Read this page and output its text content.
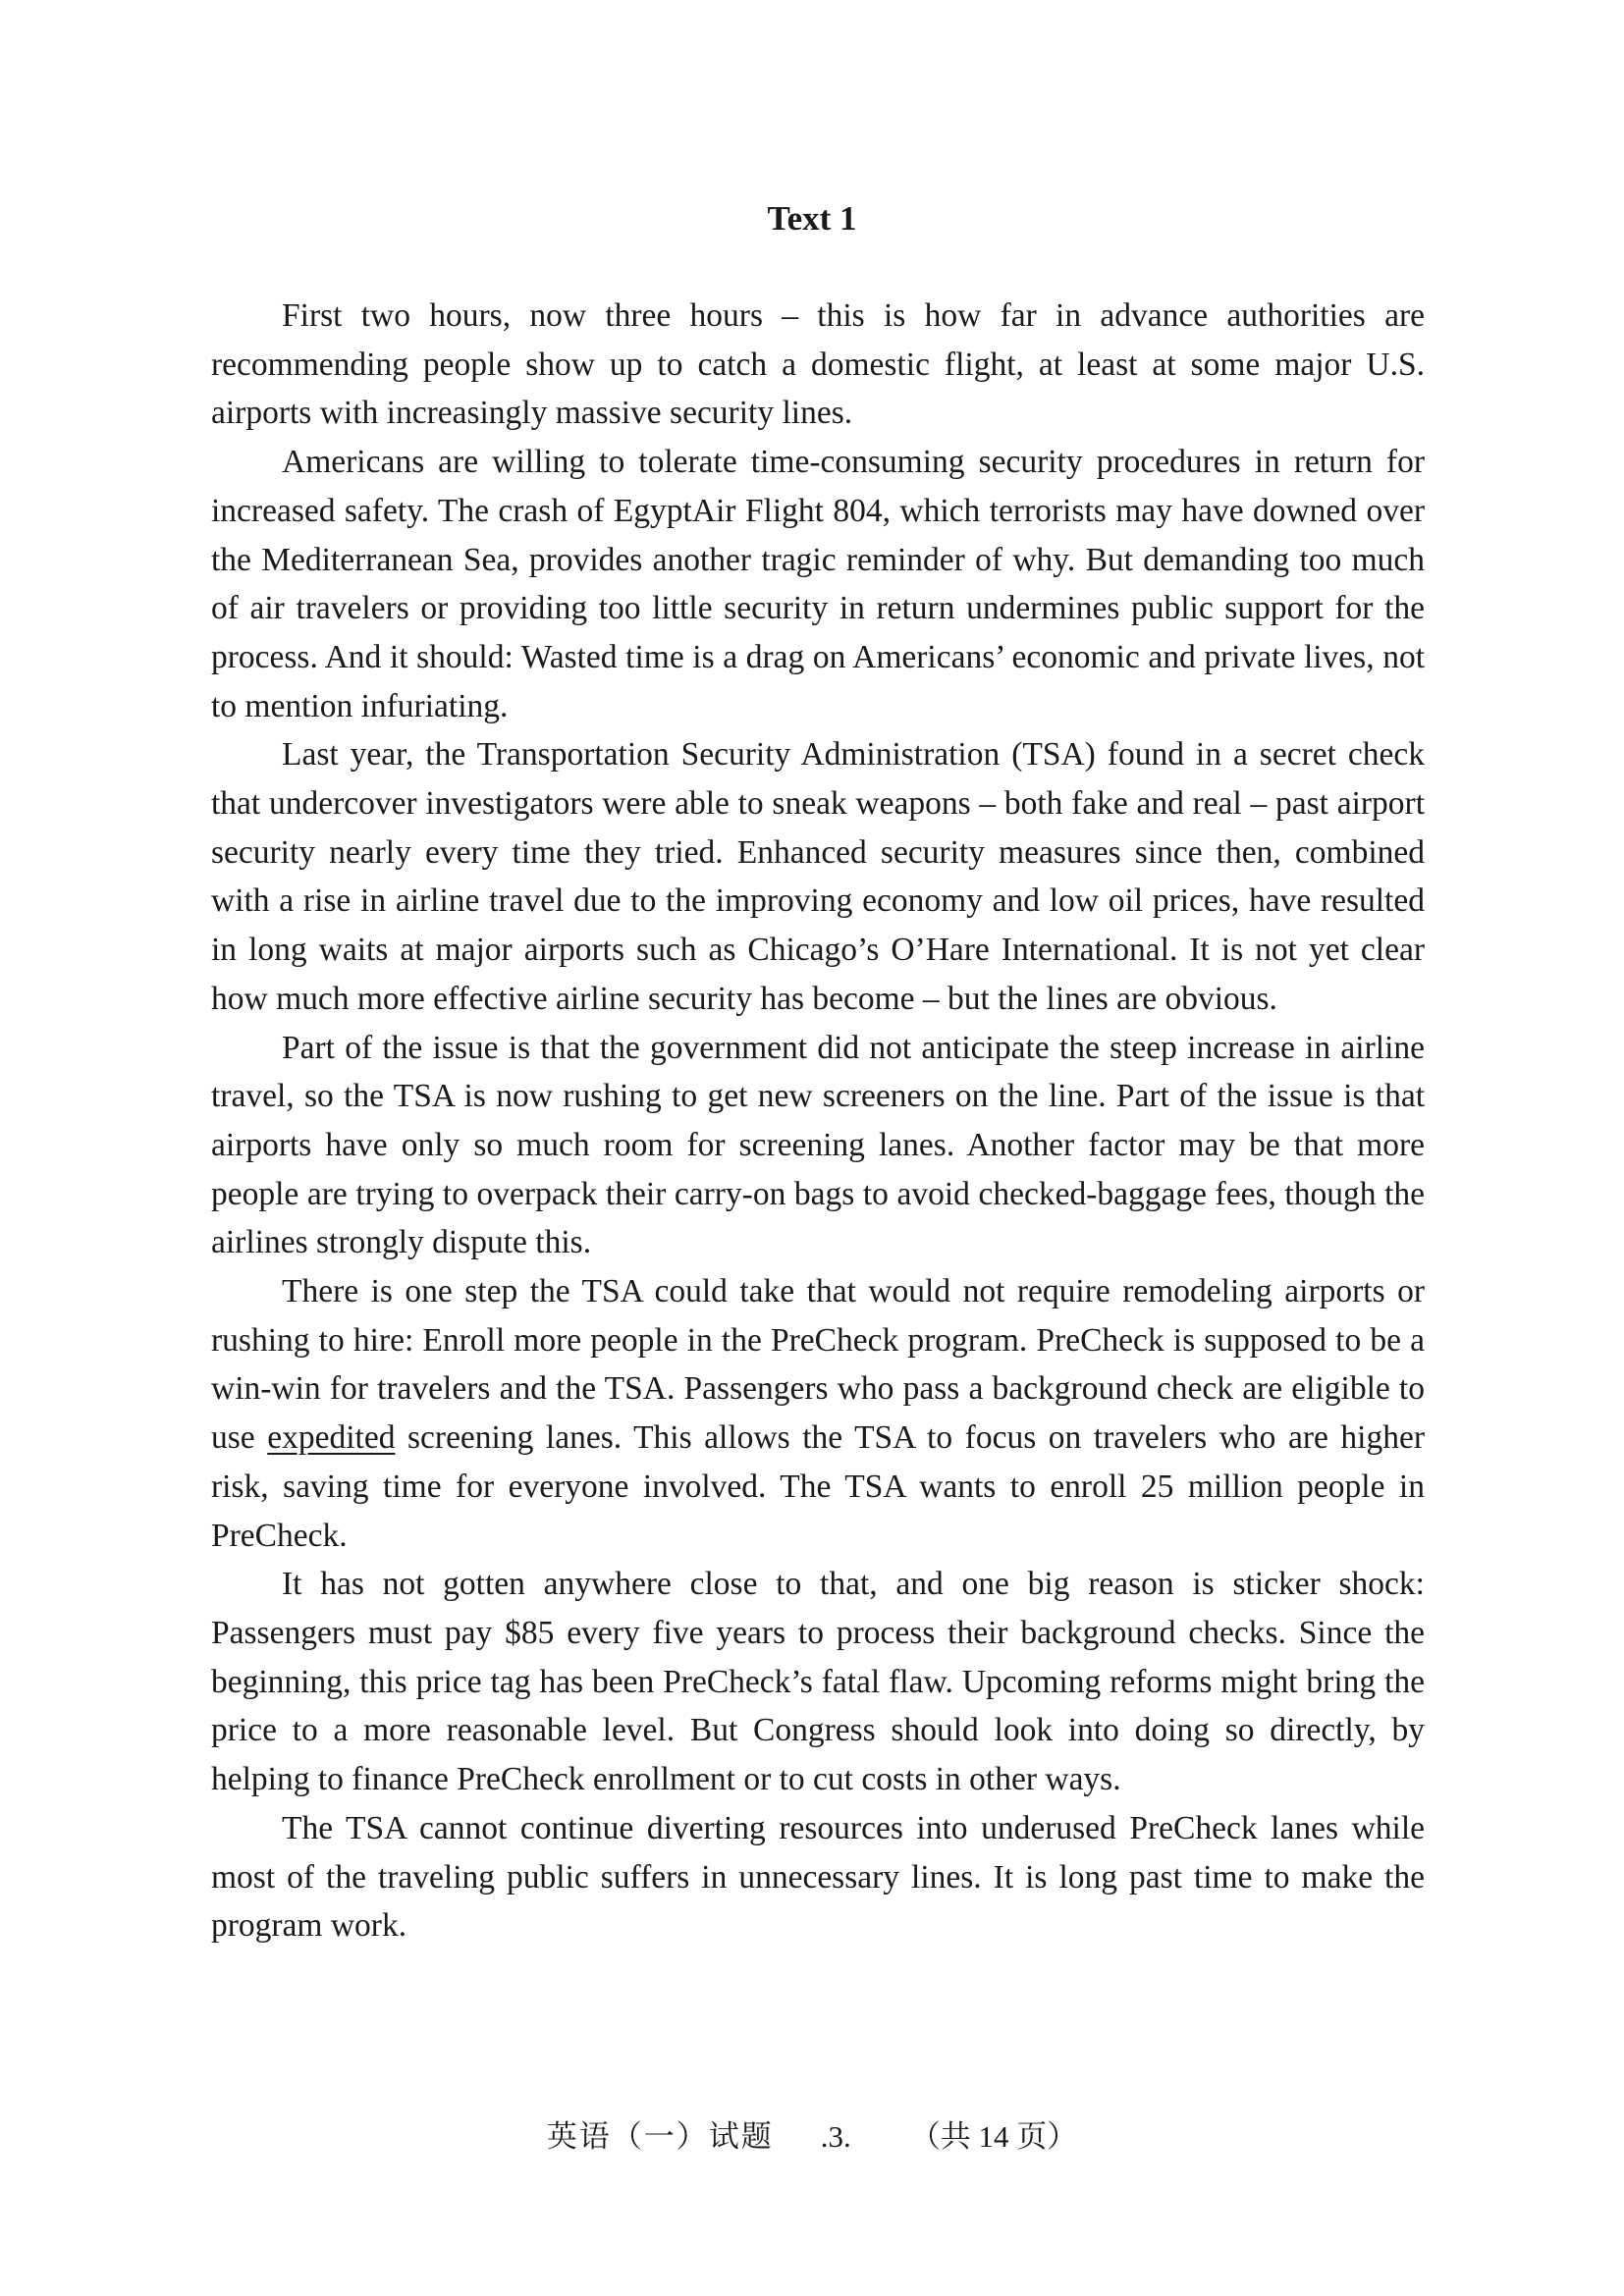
Text 1

First two hours, now three hours – this is how far in advance authorities are recommending people show up to catch a domestic flight, at least at some major U.S. airports with increasingly massive security lines.

Americans are willing to tolerate time-consuming security procedures in return for increased safety. The crash of EgyptAir Flight 804, which terrorists may have downed over the Mediterranean Sea, provides another tragic reminder of why. But demanding too much of air travelers or providing too little security in return undermines public support for the process. And it should: Wasted time is a drag on Americans’ economic and private lives, not to mention infuriating.

Last year, the Transportation Security Administration (TSA) found in a secret check that undercover investigators were able to sneak weapons – both fake and real – past airport security nearly every time they tried. Enhanced security measures since then, combined with a rise in airline travel due to the improving economy and low oil prices, have resulted in long waits at major airports such as Chicago’s O’Hare International. It is not yet clear how much more effective airline security has become – but the lines are obvious.

Part of the issue is that the government did not anticipate the steep increase in airline travel, so the TSA is now rushing to get new screeners on the line. Part of the issue is that airports have only so much room for screening lanes. Another factor may be that more people are trying to overpack their carry-on bags to avoid checked-baggage fees, though the airlines strongly dispute this.

There is one step the TSA could take that would not require remodeling airports or rushing to hire: Enroll more people in the PreCheck program. PreCheck is supposed to be a win-win for travelers and the TSA. Passengers who pass a background check are eligible to use expedited screening lanes. This allows the TSA to focus on travelers who are higher risk, saving time for everyone involved. The TSA wants to enroll 25 million people in PreCheck.

It has not gotten anywhere close to that, and one big reason is sticker shock: Passengers must pay $85 every five years to process their background checks. Since the beginning, this price tag has been PreCheck’s fatal flaw. Upcoming reforms might bring the price to a more reasonable level. But Congress should look into doing so directly, by helping to finance PreCheck enrollment or to cut costs in other ways.

The TSA cannot continue diverting resources into underused PreCheck lanes while most of the traveling public suffers in unnecessary lines. It is long past time to make the program work.

英语（一）试题 .3. （共 14 页）
